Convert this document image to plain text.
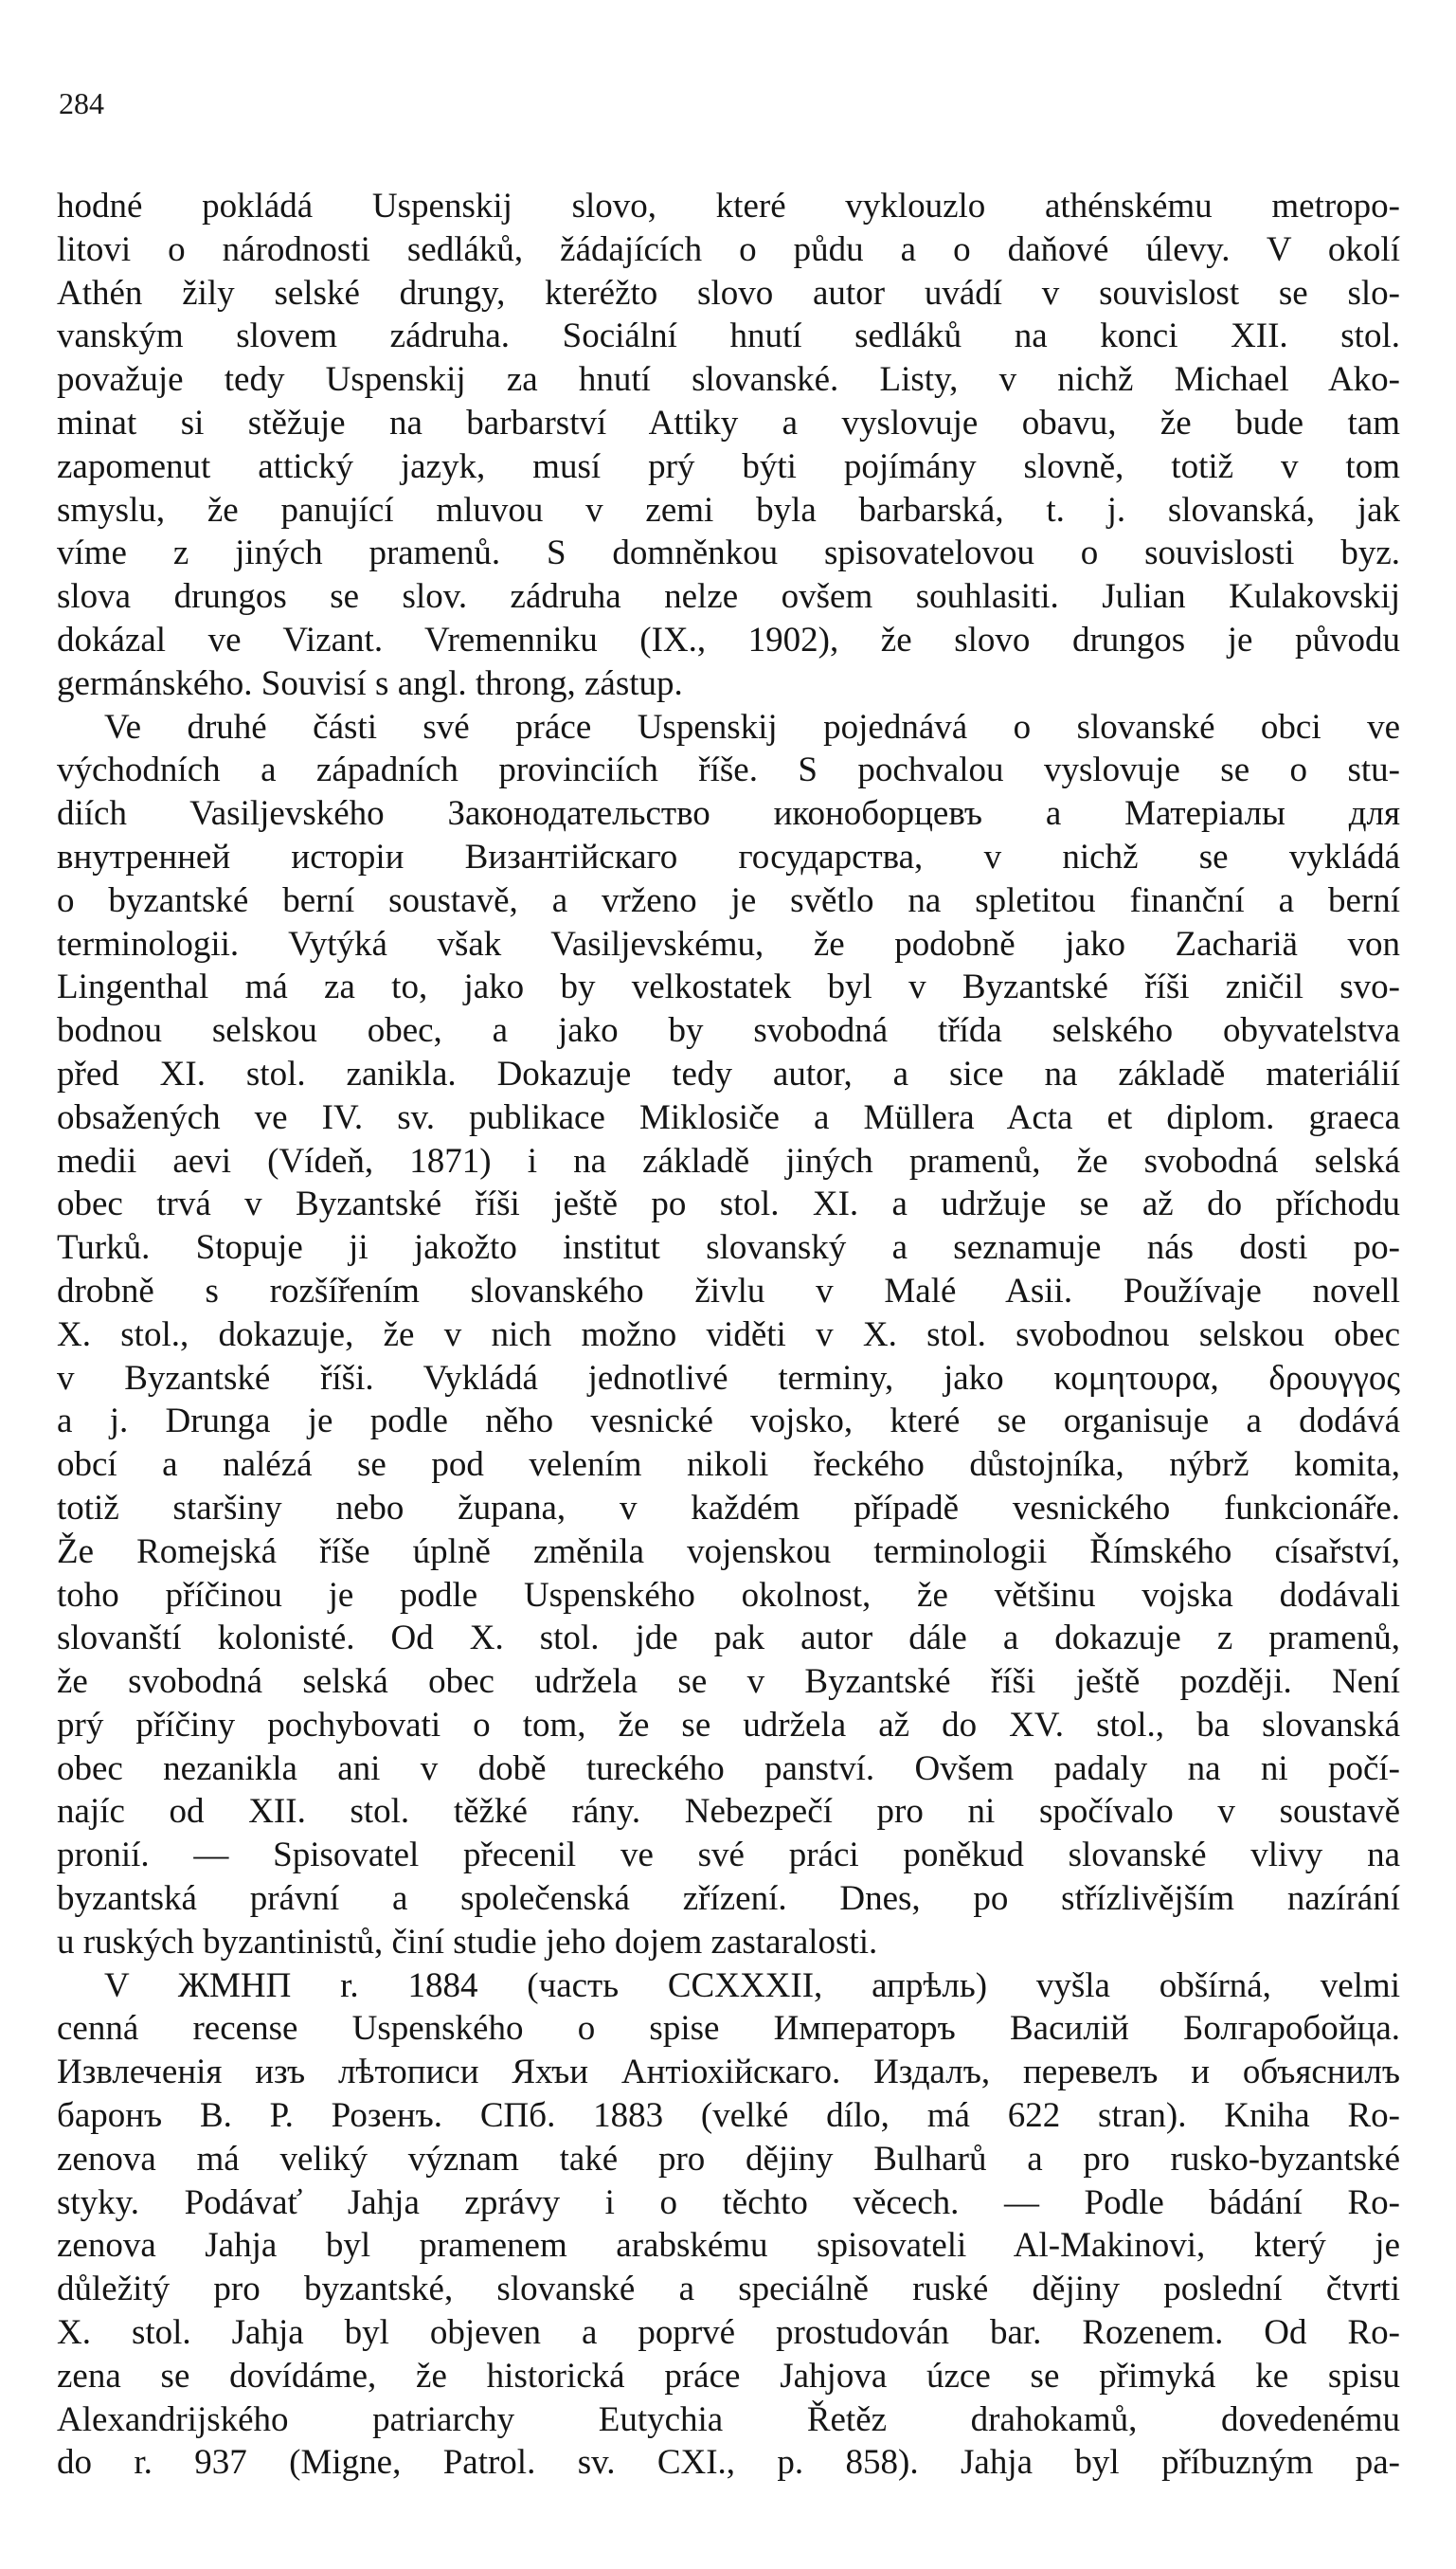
284
hodné pokládá Uspenskij slovo, které vyklouzlo athénskému metropo-
litovi o národnosti sedláků, žádajících o půdu a o daňové úlevy. V okolí
Athén žily selské drungy, kteréžto slovo autor uvádí v souvislost se slo-
vanským slovem zádruha. Sociální hnutí sedláků na konci XII. stol.
považuje tedy Uspenskij za hnutí slovanské. Listy, v nichž Michael Ako-
minat si stěžuje na barbarství Attiky a vyslovuje obavu, že bude tam
zapomenut attický jazyk, musí prý býti pojímány slovně, totiž v tom
smyslu, že panující mluvou v zemi byla barbarská, t. j. slovanská, jak
víme z jiných pramenů. S domněnkou spisovatelovou o souvislosti byz.
slova drungos se slov. zádruha nelze ovšem souhlasiti. Julian Kulakovskij
dokázal ve Vizant. Vremenniku (IX., 1902), že slovo drungos je původu
germánského. Souvisí s angl. throng, zástup.
Ve druhé části své práce Uspenskij pojednává o slovanské obci ve
východních a západních provinciích říše. S pochvalou vyslovuje se o stu-
diích Vasiljevského Законодательство иконоборцевъ a Матеріалы для
внутренней исторіи Византійскаго государства, v nichž se vykládá
o byzantské berní soustavě, a vrženo je světlo na spletitou finanční a berní
terminologii. Vytýká však Vasiljevskému, že podobně jako Zachariä von
Lingenthal má za to, jako by velkostatek byl v Byzantské říši zničil svo-
bodnou selskou obec, a jako by svobodná třída selského obyvatelstva
před XI. stol. zanikla. Dokazuje tedy autor, a sice na základě materiálií
obsažených ve IV. sv. publikace Miklosiče a Müllera Acta et diplom. graeca
medii aevi (Vídeň, 1871) i na základě jiných pramenů, že svobodná selská
obec trvá v Byzantské říši ještě po stol. XI. a udržuje se až do příchodu
Turků. Stopuje ji jakožto institut slovanský a seznamuje nás dosti po-
drobně s rozšířením slovanského živlu v Malé Asii. Používaje novell
X. stol., dokazuje, že v nich možno viděti v X. stol. svobodnou selskou obec
v Byzantské říši. Vykládá jednotlivé terminy, jako κομητουρα, δρουγγος
a j. Drunga je podle něho vesnické vojsko, které se organisuje a dodává
obcí a nalézá se pod velením nikoli řeckého důstojníka, nýbrž komita,
totiž staršiny nebo župana, v každém případě vesnického funkcionáře.
Že Romejská říše úplně změnila vojenskou terminologii Římského císařství,
toho příčinou je podle Uspenského okolnost, že většinu vojska dodávali
slovanští kolonisté. Od X. stol. jde pak autor dále a dokazuje z pramenů,
že svobodná selská obec udržela se v Byzantské říši ještě později. Není
prý příčiny pochybovati o tom, že se udržela až do XV. stol., ba slovanská
obec nezanikla ani v době tureckého panství. Ovšem padaly na ni počí-
najíc od XII. stol. těžké rány. Nebezpečí pro ni spočívalo v soustavě
pronií. — Spisovatel přecenil ve své práci poněkud slovanské vlivy na
byzantská právní a společenská zřízení. Dnes, po střízlivějším nazírání
u ruských byzantinistů, činí studie jeho dojem zastaralosti.
V ЖМНП r. 1884 (часть CCXXXII, апрѣль) vyšla obšírná, velmi
cenná recense Uspenského o spise Императоръ Василій Болгаробойца.
Извлеченія изъ лѣтописи Яхъи Антіохійскаго. Издалъ, перевелъ и объяснилъ
баронъ В. Р. Розенъ. СПб. 1883 (velké dílo, má 622 stran). Kniha Ro-
zenova má veliký význam také pro dějiny Bulharů a pro rusko-byzantské
styky. Podávať Jahja zprávy i o těchto věcech. — Podle bádání Ro-
zenova Jahja byl pramenem arabskému spisovateli Al-Makinovi, který je
důležitý pro byzantské, slovanské a speciálně ruské dějiny poslední čtvrti
X. stol. Jahja byl objeven a poprvé prostudován bar. Rozenem. Od Ro-
zena se dovídáme, že historická práce Jahjova úzce se přimyká ke spisu
Alexandrijského patriarchy Eutychia Řetěz drahokamů, dovedenému
do r. 937 (Migne, Patrol. sv. CXI., p. 858). Jahja byl příbuzným pa-
